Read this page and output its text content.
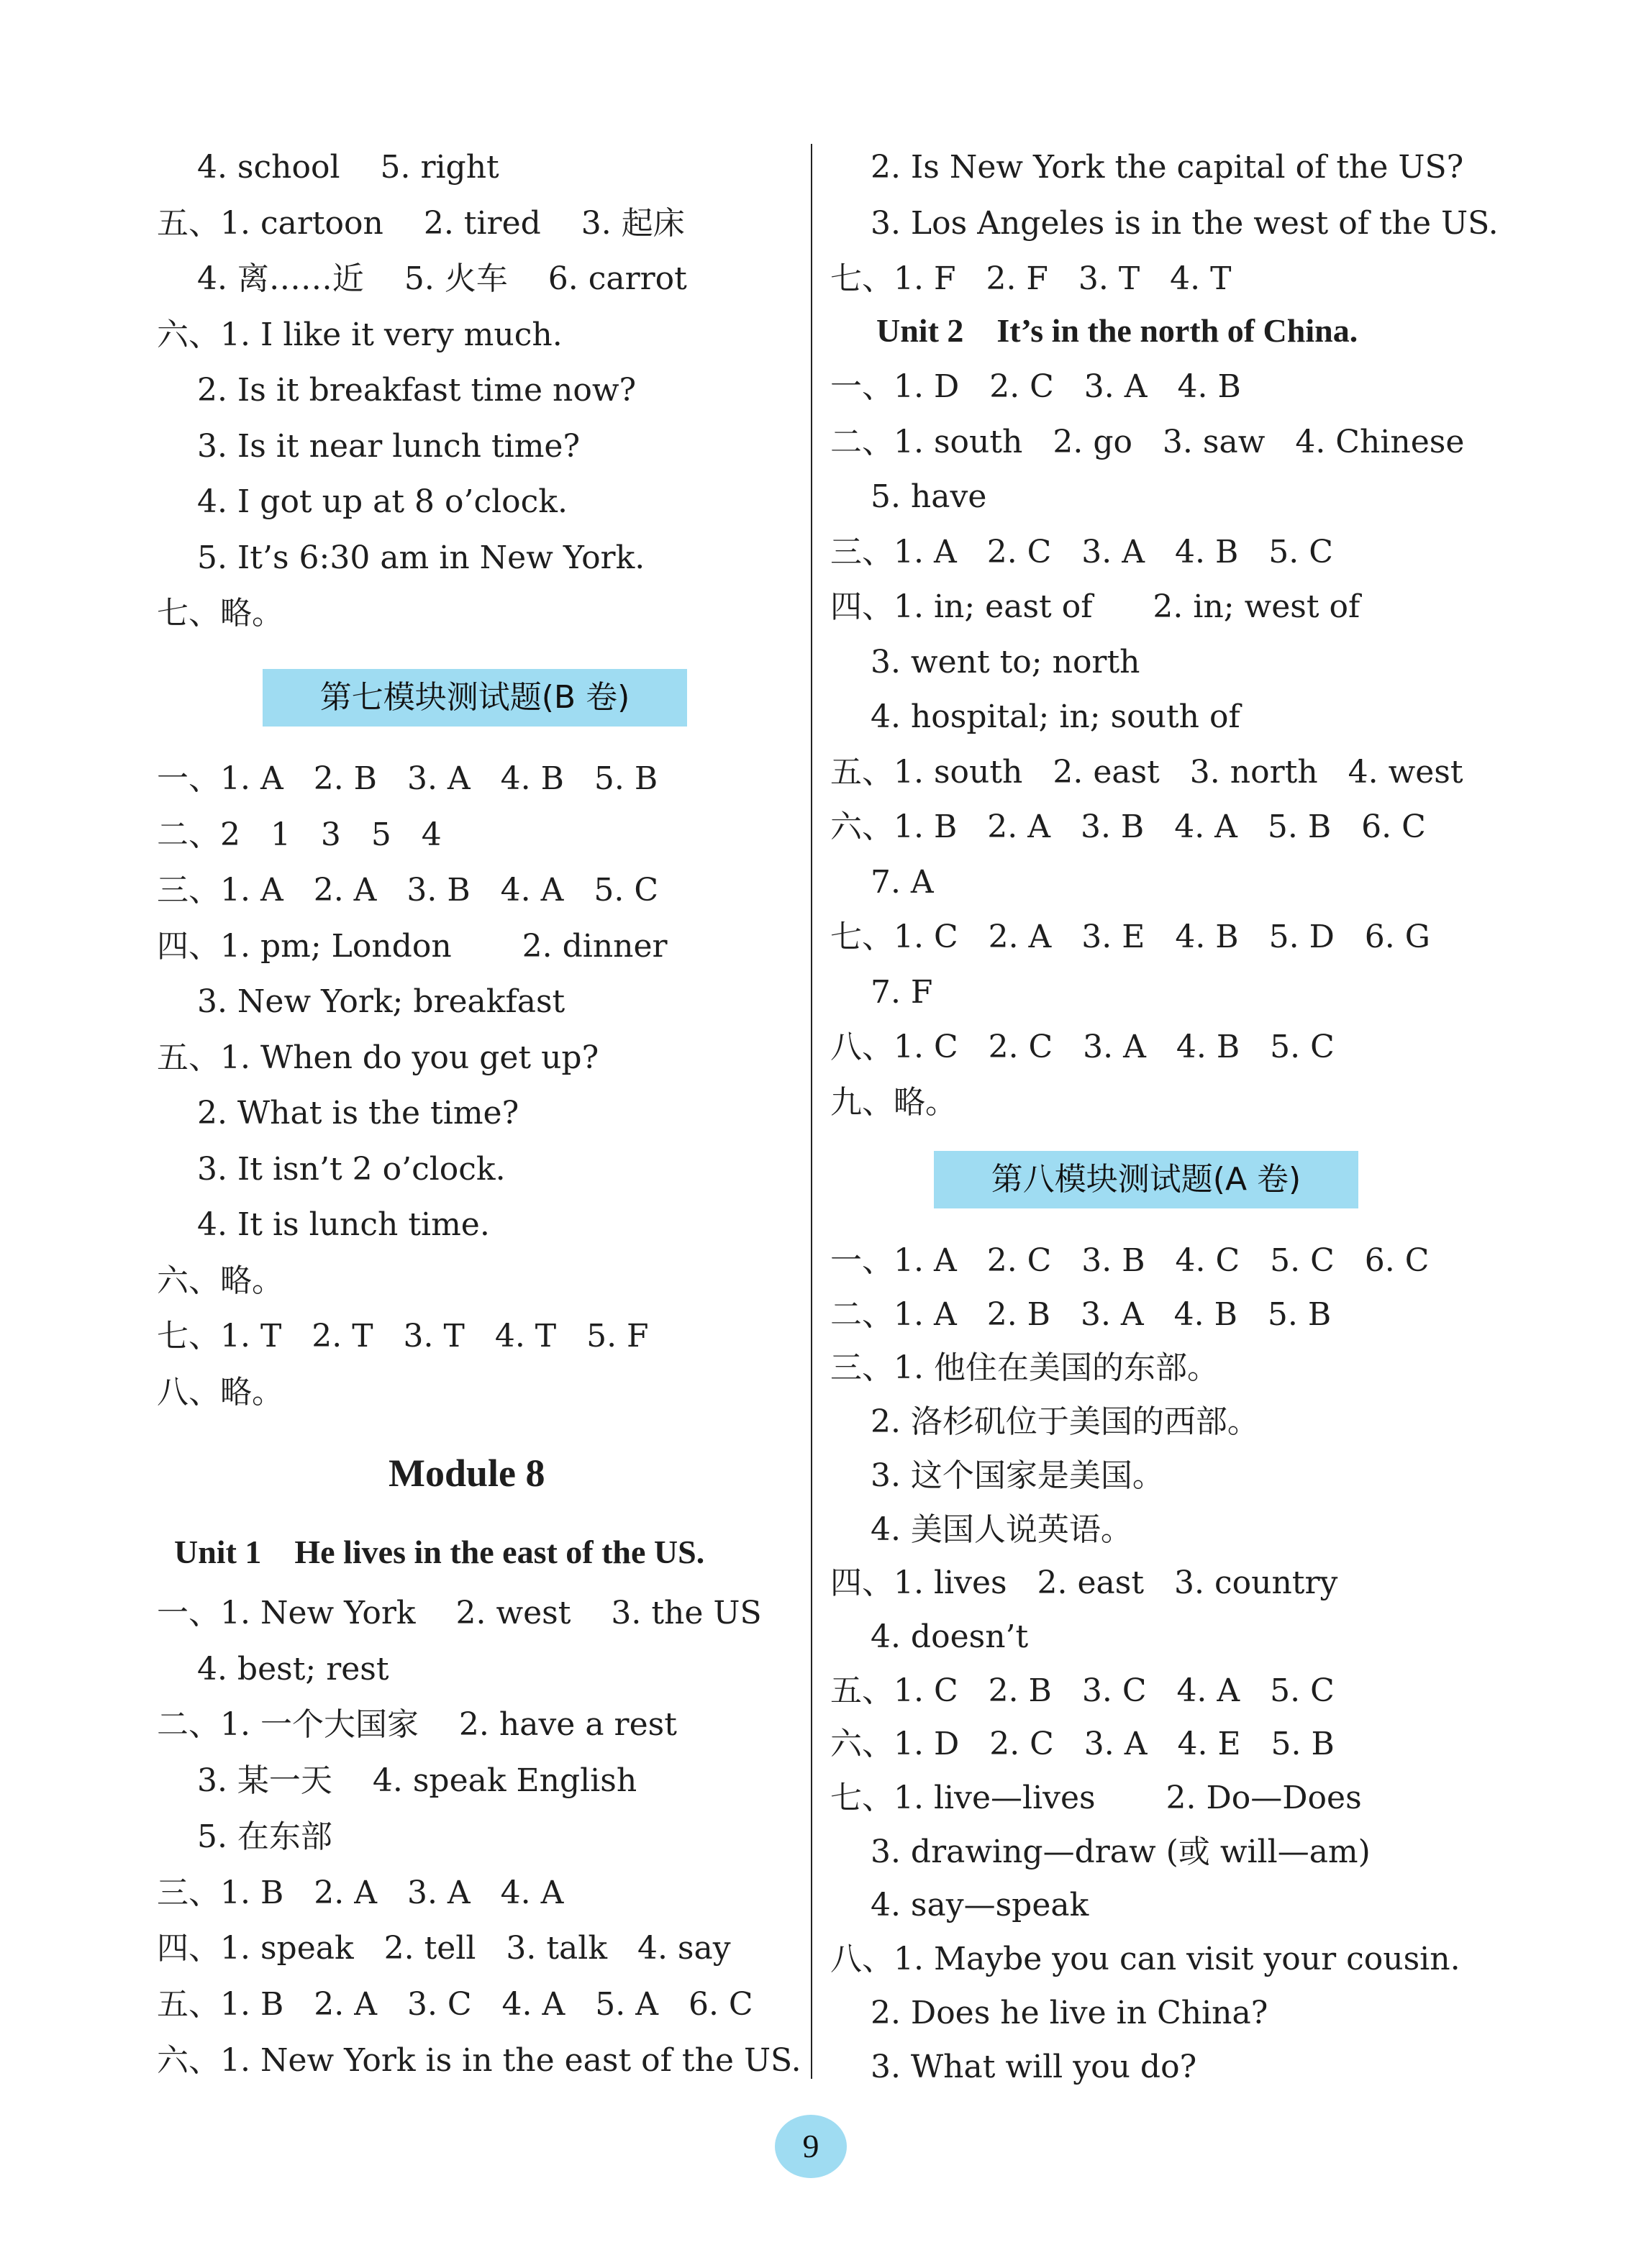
4. school    5. right
五、1. cartoon    2. tired    3. 起床
4. 离……近    5. 火车    6. carrot
六、1. I like it very much.
2. Is it breakfast time now?
3. Is it near lunch time?
4. I got up at 8 o’clock.
5. It’s 6:30 am in New York.
七、略。
第七模块测试题(B 卷)
一、1. A   2. B   3. A   4. B   5. B
二、2   1   3   5   4
三、1. A   2. A   3. B   4. A   5. C
四、1. pm; London       2. dinner
3. New York; breakfast
五、1. When do you get up?
2. What is the time?
3. It isn’t 2 o’clock.
4. It is lunch time.
六、略。
七、1. T   2. T   3. T   4. T   5. F
八、略。
Module 8
Unit 1    He lives in the east of the US.
一、1. New York    2. west    3. the US
4. best; rest
二、1. 一个大国家    2. have a rest
3. 某一天    4. speak English
5. 在东部
三、1. B   2. A   3. A   4. A
四、1. speak   2. tell   3. talk   4. say
五、1. B   2. A   3. C   4. A   5. A   6. C
六、1. New York is in the east of the US.
2. Is New York the capital of the US?
3. Los Angeles is in the west of the US.
七、1. F   2. F   3. T   4. T
Unit 2    It’s in the north of China.
一、1. D   2. C   3. A   4. B
二、1. south   2. go   3. saw   4. Chinese
5. have
三、1. A   2. C   3. A   4. B   5. C
四、1. in; east of      2. in; west of
3. went to; north
4. hospital; in; south of
五、1. south   2. east   3. north   4. west
六、1. B   2. A   3. B   4. A   5. B   6. C
7. A
七、1. C   2. A   3. E   4. B   5. D   6. G
7. F
八、1. C   2. C   3. A   4. B   5. C
九、略。
第八模块测试题(A 卷)
一、1. A   2. C   3. B   4. C   5. C   6. C
二、1. A   2. B   3. A   4. B   5. B
三、1. 他住在美国的东部。
2. 洛杉矶位于美国的西部。
3. 这个国家是美国。
4. 美国人说英语。
四、1. lives   2. east   3. country
4. doesn’t
五、1. C   2. B   3. C   4. A   5. C
六、1. D   2. C   3. A   4. E   5. B
七、1. live—lives       2. Do—Does
3. drawing—draw (或 will—am)
4. say—speak
八、1. Maybe you can visit your cousin.
2. Does he live in China?
3. What will you do?
9
